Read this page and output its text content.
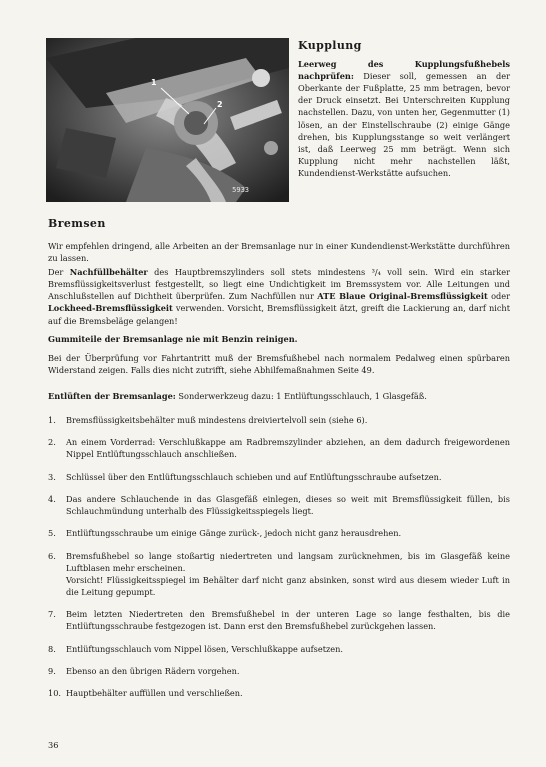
1
2
5933
Kupplung

Leerweg des Kupplungsfußhebels nachprüfen: Dieser soll, gemessen an der Oberkante der Fußplatte, 25 mm betragen, bevor der Druck einsetzt. Bei Unterschreiten Kupplung nachstellen. Dazu, von unten her, Gegenmutter (1) lösen, an der Einstellschraube (2) einige Gänge drehen, bis Kupplungsstange so weit verlängert ist, daß Leerweg 25 mm beträgt. Wenn sich Kupplung nicht mehr nachstellen läßt, Kundendienst-Werkstätte aufsuchen.

Bremsen

Wir empfehlen dringend, alle Arbeiten an der Bremsanlage nur in einer Kundendienst-Werkstätte durchführen zu lassen.

Der Nachfüllbehälter des Hauptbremszylinders soll stets mindestens ³/₄ voll sein. Wird ein starker Bremsflüssigkeitsverlust festgestellt, so liegt eine Undichtigkeit im Bremssystem vor. Alle Leitungen und Anschlußstellen auf Dichtheit überprüfen. Zum Nachfüllen nur ATE Blaue Original-Bremsflüssigkeit oder Lockheed-Bremsflüssigkeit verwenden. Vorsicht, Bremsflüssigkeit ätzt, greift die Lackierung an, darf nicht auf die Bremsbeläge gelangen!

Gummiteile der Bremsanlage nie mit Benzin reinigen.

Bei der Überprüfung vor Fahrtantritt muß der Bremsfußhebel nach normalem Pedalweg einen spürbaren Widerstand zeigen. Falls dies nicht zutrifft, siehe Abhilfemaßnahmen Seite 49.

Entlüften der Bremsanlage: Sonderwerkzeug dazu: 1 Entlüftungsschlauch, 1 Glasgefäß.

1. Bremsflüssigkeitsbehälter muß mindestens dreiviertelvoll sein (siehe 6).
2. An einem Vorderrad: Verschlußkappe am Radbremszylinder abziehen, an dem dadurch freigewordenen Nippel Entlüftungsschlauch anschließen.
3. Schlüssel über den Entlüftungsschlauch schieben und auf Entlüftungsschraube aufsetzen.
4. Das andere Schlauchende in das Glasgefäß einlegen, dieses so weit mit Bremsflüssigkeit füllen, bis Schlauchmündung unterhalb des Flüssigkeitsspiegels liegt.
5. Entlüftungsschraube um einige Gänge zurück-, jedoch nicht ganz herausdrehen.
6. Bremsfußhebel so lange stoßartig niedertreten und langsam zurücknehmen, bis im Glasgefäß keine Luftblasen mehr erscheinen.
Vorsicht! Flüssigkeitsspiegel im Behälter darf nicht ganz absinken, sonst wird aus diesem wieder Luft in die Leitung gepumpt.
7. Beim letzten Niedertreten den Bremsfußhebel in der unteren Lage so lange festhalten, bis die Entlüftungsschraube festgezogen ist. Dann erst den Bremsfußhebel zurückgehen lassen.
8. Entlüftungsschlauch vom Nippel lösen, Verschlußkappe aufsetzen.
9. Ebenso an den übrigen Rädern vorgehen.
10. Hauptbehälter auffüllen und verschließen.
36
